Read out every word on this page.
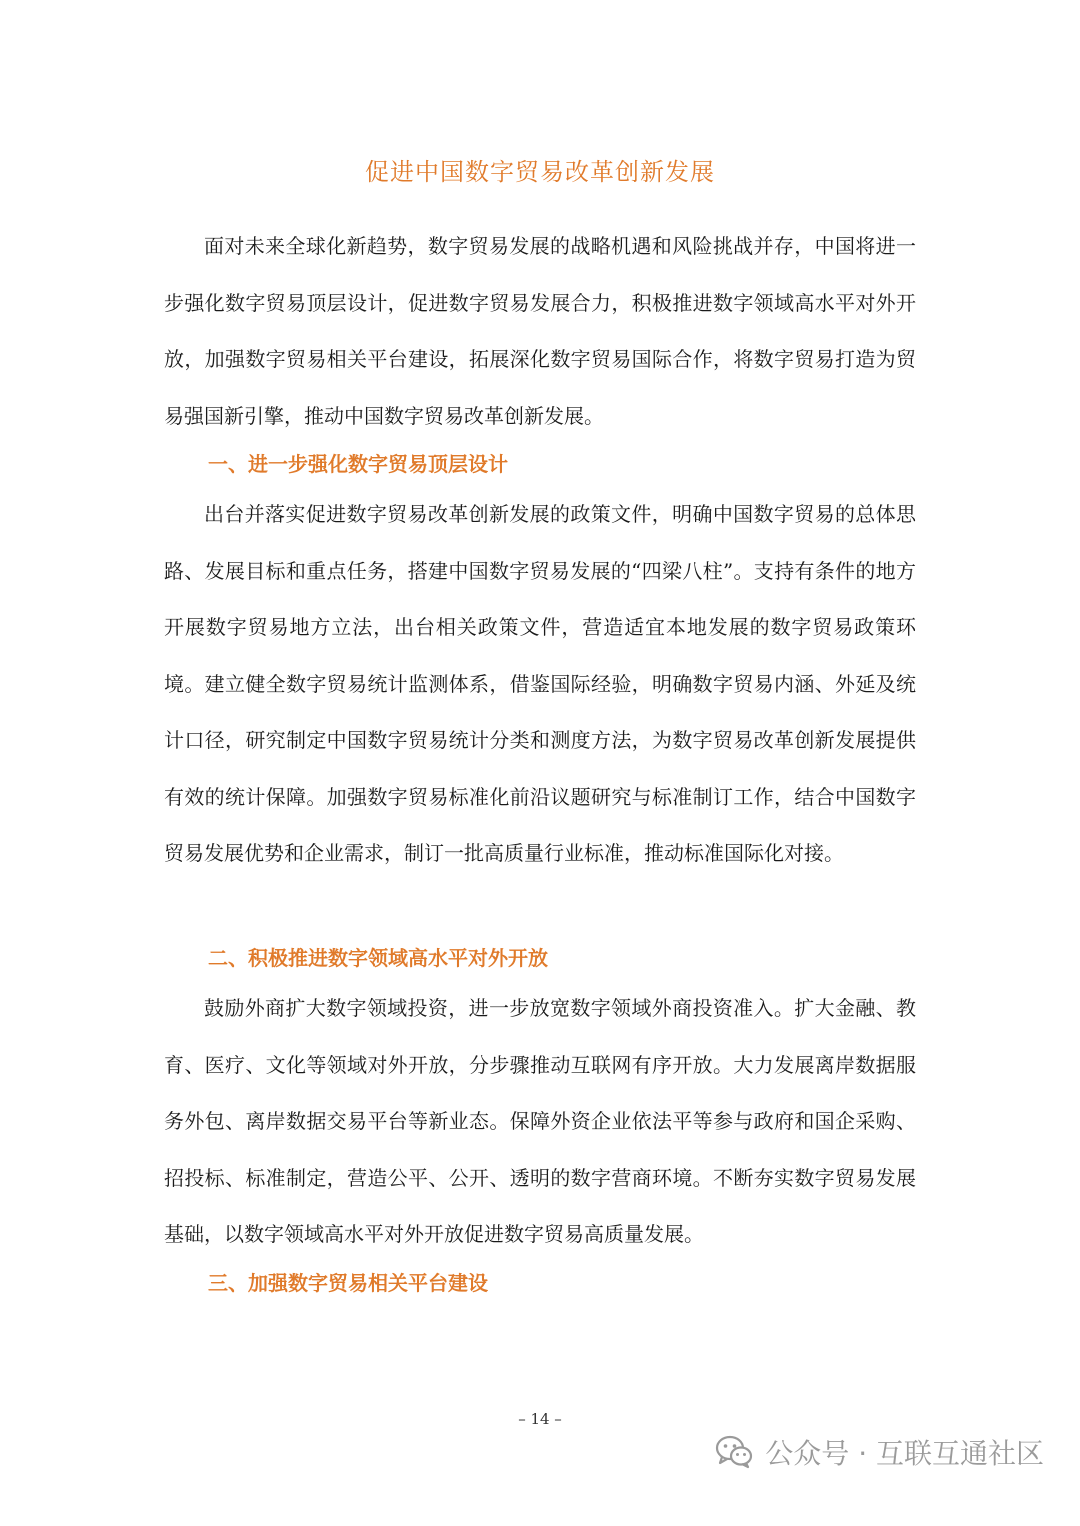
促进中国数字贸易改革创新发展

面对未来全球化新趋势，数字贸易发展的战略机遇和风险挑战并存，中国将进一步强化数字贸易顶层设计，促进数字贸易发展合力，积极推进数字领域高水平对外开放，加强数字贸易相关平台建设，拓展深化数字贸易国际合作，将数字贸易打造为贸易强国新引擎，推动中国数字贸易改革创新发展。

一、进一步强化数字贸易顶层设计

出台并落实促进数字贸易改革创新发展的政策文件，明确中国数字贸易的总体思路、发展目标和重点任务，搭建中国数字贸易发展的“四梁八柱”。支持有条件的地方开展数字贸易地方立法，出台相关政策文件，营造适宜本地发展的数字贸易政策环境。建立健全数字贸易统计监测体系，借鉴国际经验，明确数字贸易内涵、外延及统计口径，研究制定中国数字贸易统计分类和测度方法，为数字贸易改革创新发展提供有效的统计保障。加强数字贸易标准化前沿议题研究与标准制订工作，结合中国数字贸易发展优势和企业需求，制订一批高质量行业标准，推动标准国际化对接。

二、积极推进数字领域高水平对外开放

鼓励外商扩大数字领域投资，进一步放宽数字领域外商投资准入。扩大金融、教育、医疗、文化等领域对外开放，分步骤推动互联网有序开放。大力发展离岸数据服务外包、离岸数据交易平台等新业态。保障外资企业依法平等参与政府和国企采购、招投标、标准制定，营造公平、公开、透明的数字营商环境。不断夯实数字贸易发展基础，以数字领域高水平对外开放促进数字贸易高质量发展。

三、加强数字贸易相关平台建设
– 14 –
公众号 · 互联互通社区
